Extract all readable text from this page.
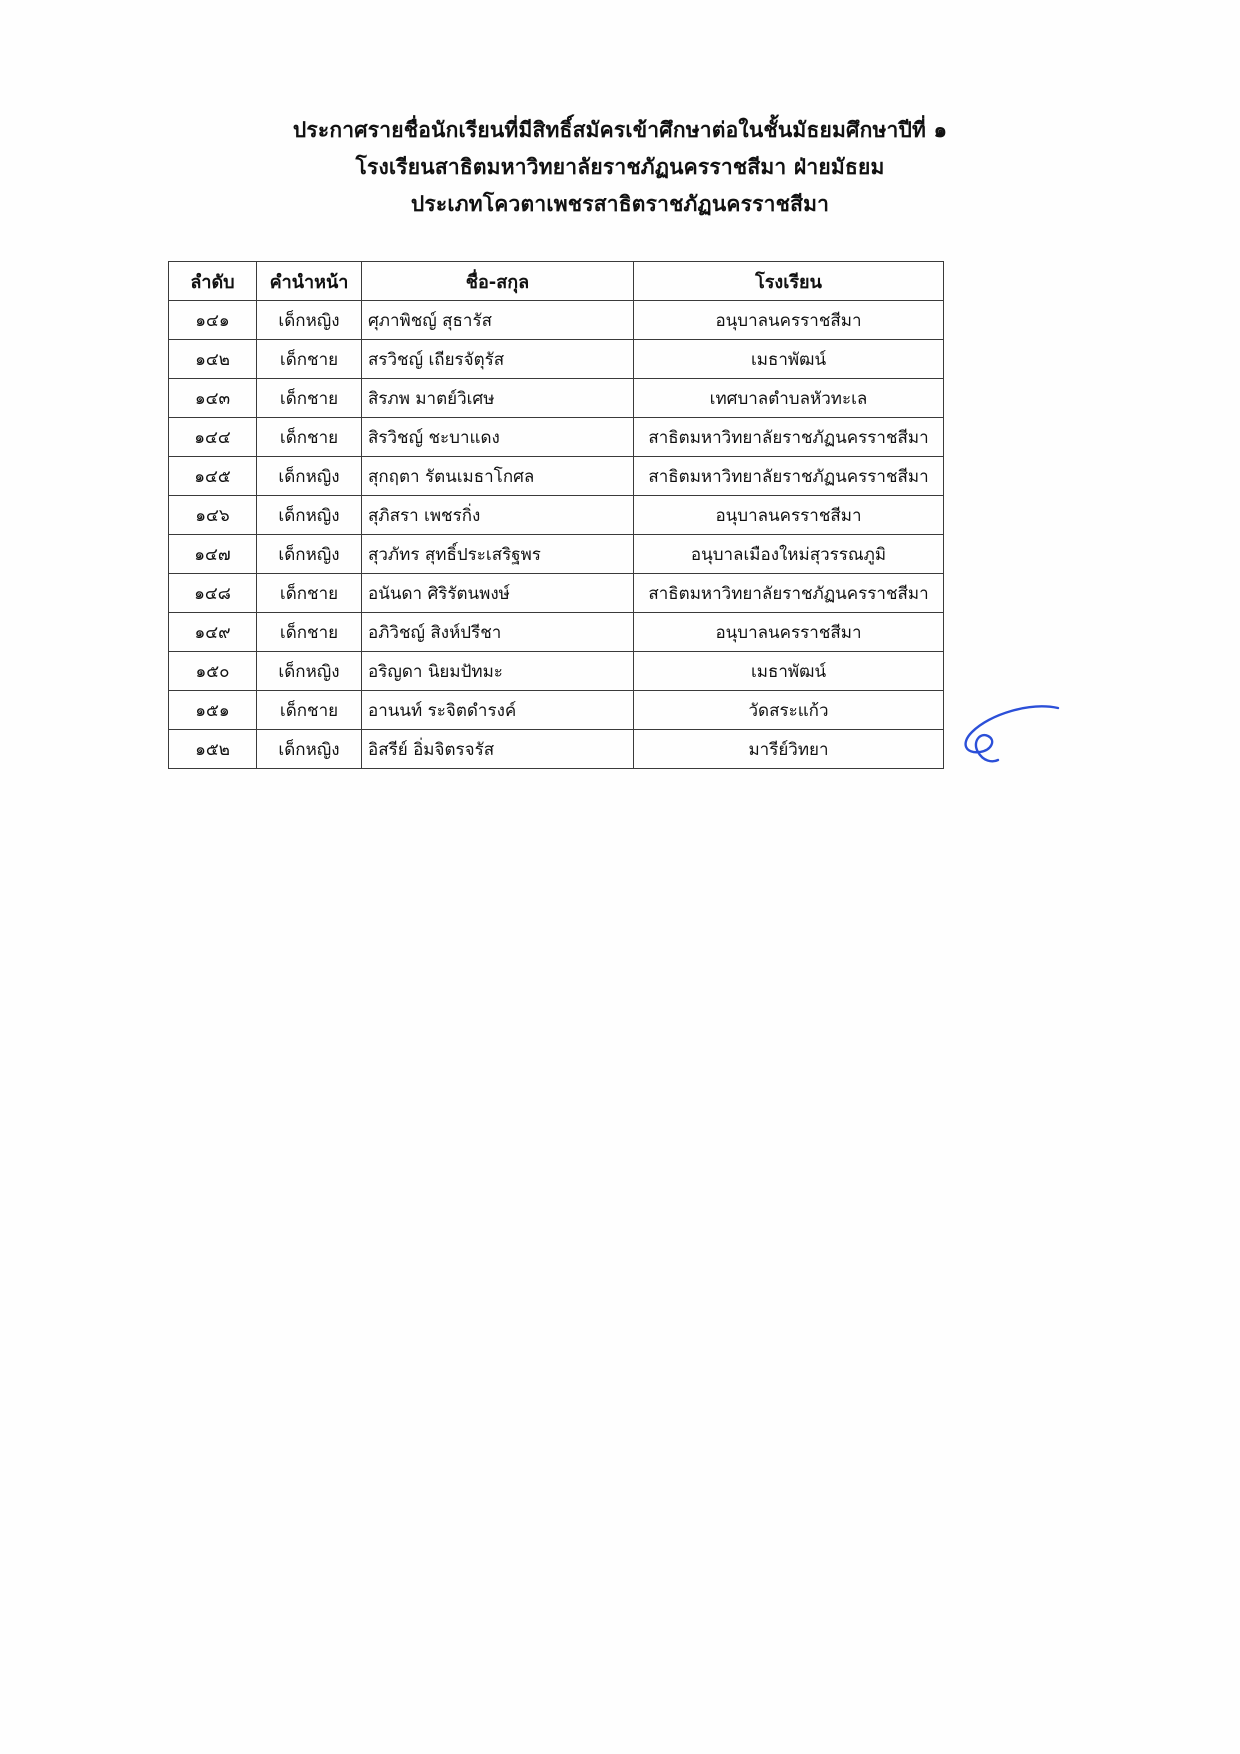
ประกาศรายชื่อนักเรียนที่มีสิทธิ์สมัครเข้าศึกษาต่อในชั้นมัธยมศึกษาปีที่ ๑
โรงเรียนสาธิตมหาวิทยาลัยราชภัฏนครราชสีมา ฝ่ายมัธยม
ประเภทโควตาเพชรสาธิตราชภัฏนครราชสีมา
ลำดับ	คำนำหน้า	ชื่อ-สกุล	โรงเรียน
๑๔๑	เด็กหญิง	ศุภาพิชญ์ สุธารัส	อนุบาลนครราชสีมา
๑๔๒	เด็กชาย	สรวิชญ์ เถียรจัตุรัส	เมธาพัฒน์
๑๔๓	เด็กชาย	สิรภพ มาตย์วิเศษ	เทศบาลตำบลหัวทะเล
๑๔๔	เด็กชาย	สิรวิชญ์ ชะบาแดง	สาธิตมหาวิทยาลัยราชภัฏนครราชสีมา
๑๔๕	เด็กหญิง	สุกฤตา รัตนเมธาโกศล	สาธิตมหาวิทยาลัยราชภัฏนครราชสีมา
๑๔๖	เด็กหญิง	สุภิสรา เพชรกิ่ง	อนุบาลนครราชสีมา
๑๔๗	เด็กหญิง	สุวภัทร สุทธิ์ประเสริฐพร	อนุบาลเมืองใหม่สุวรรณภูมิ
๑๔๘	เด็กชาย	อนันดา ศิริรัตนพงษ์	สาธิตมหาวิทยาลัยราชภัฏนครราชสีมา
๑๔๙	เด็กชาย	อภิวิชญ์ สิงห์ปรีชา	อนุบาลนครราชสีมา
๑๕๐	เด็กหญิง	อริญดา นิยมปัทมะ	เมธาพัฒน์
๑๕๑	เด็กชาย	อานนท์ ระจิตดำรงค์	วัดสระแก้ว
๑๕๒	เด็กหญิง	อิสรีย์ อิ่มจิตรจรัส	มารีย์วิทยา
